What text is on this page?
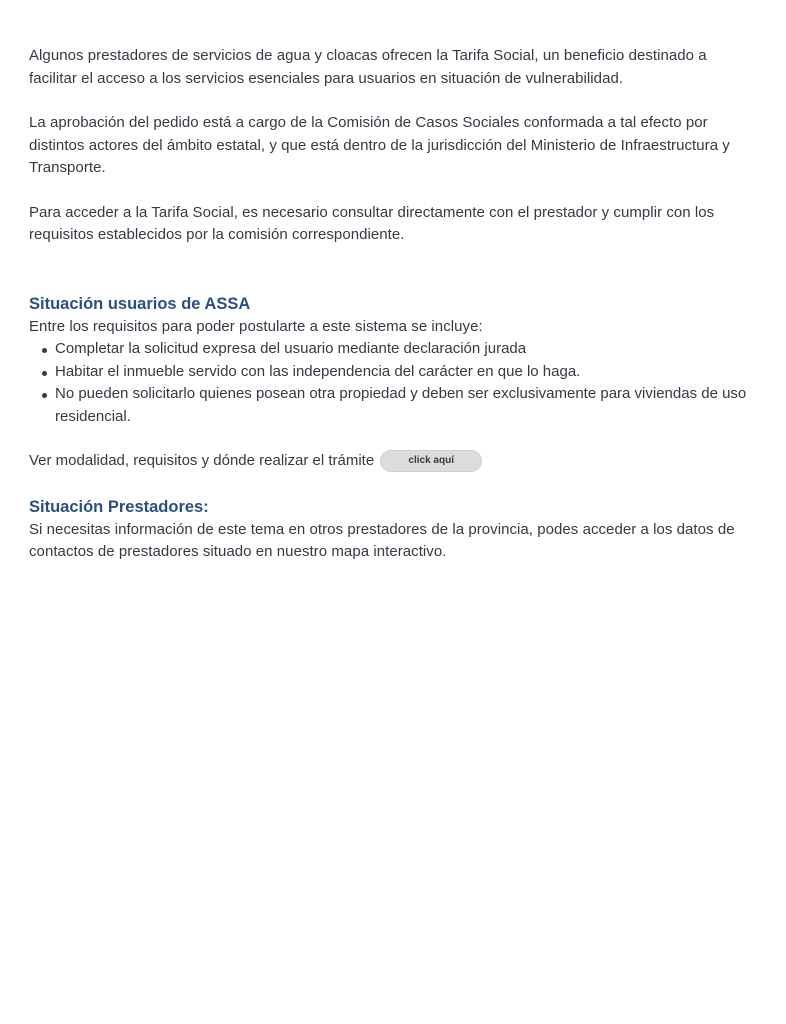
Algunos prestadores de servicios de agua y cloacas ofrecen la Tarifa Social, un beneficio destinado a facilitar el acceso a los servicios esenciales para usuarios en situación de vulnerabilidad.

La aprobación del pedido está a cargo de la Comisión de Casos Sociales conformada a tal efecto por distintos actores del ámbito estatal, y que está dentro de la jurisdicción del Ministerio de Infraestructura y Transporte.

Para acceder a la Tarifa Social, es necesario consultar directamente con el prestador y cumplir con los requisitos establecidos por la comisión correspondiente.

Situación usuarios de ASSA

Entre los requisitos para poder postularte a este sistema se incluye:

Completar la solicitud expresa del usuario mediante declaración jurada
Habitar el inmueble servido con las independencia del carácter en que lo haga.
No pueden solicitarlo quienes posean otra propiedad y deben ser exclusivamente para viviendas de uso residencial.
Ver modalidad, requisitos y dónde realizar el trámite	click aquí
Situación Prestadores:

Si necesitas información de este tema en otros prestadores de la provincia, podes acceder a los datos de contactos de prestadores situado en nuestro mapa interactivo.
